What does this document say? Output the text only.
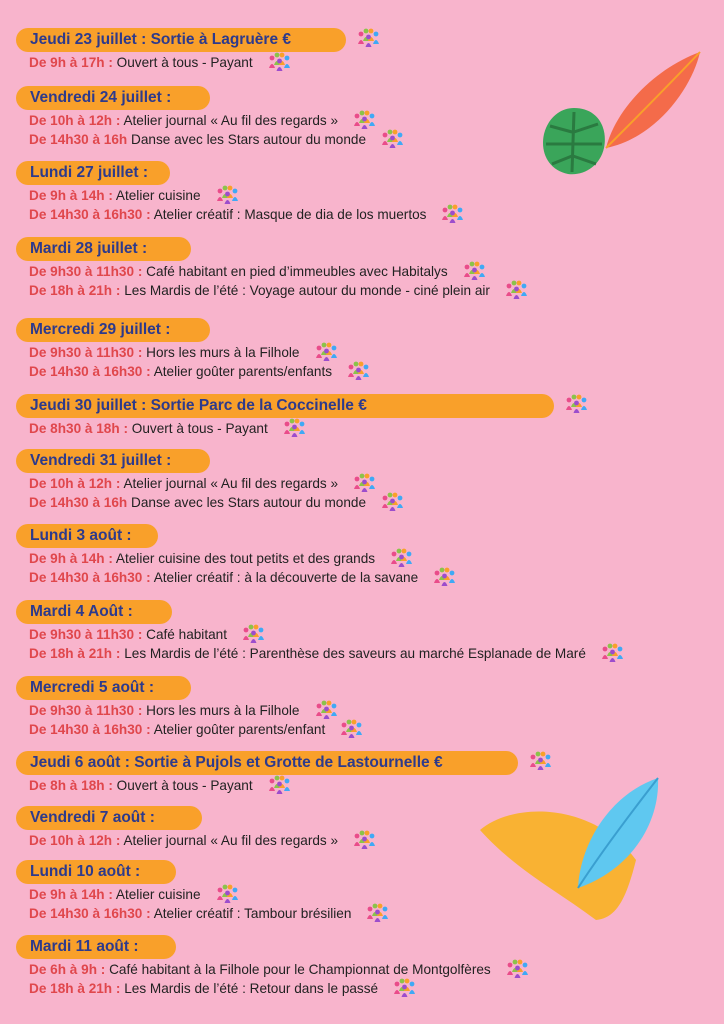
Jeudi 23 juillet : Sortie à Lagruère €
De 9h à 17h : Ouvert à tous - Payant
Vendredi 24 juillet :
De 10h à 12h : Atelier journal « Au fil des regards »
De 14h30 à 16h Danse avec les Stars autour du monde
Lundi 27 juillet :
De 9h à 14h : Atelier cuisine
De 14h30 à 16h30 : Atelier créatif : Masque de dia de los muertos
Mardi 28 juillet :
De 9h30 à 11h30 : Café habitant en pied d’immeubles avec Habitalys
De 18h à 21h : Les Mardis de l’été : Voyage autour du monde - ciné plein air
Mercredi 29 juillet :
De 9h30 à 11h30 : Hors les murs à la Filhole
De 14h30 à 16h30 : Atelier goûter parents/enfants
Jeudi 30 juillet : Sortie Parc de la Coccinelle €
De 8h30 à 18h : Ouvert à tous - Payant
Vendredi 31 juillet :
De 10h à 12h : Atelier journal « Au fil des regards »
De 14h30 à 16h Danse avec les Stars autour du monde
Lundi 3 août :
De 9h à 14h : Atelier cuisine des tout petits et des grands
De 14h30 à 16h30 : Atelier créatif : à la découverte de la savane
Mardi 4 Août :
De 9h30 à 11h30 : Café habitant
De 18h à 21h : Les Mardis de l’été : Parenthèse des saveurs au marché Esplanade de Maré
Mercredi 5 août :
De 9h30 à 11h30 : Hors les murs à la Filhole
De 14h30 à 16h30 : Atelier goûter parents/enfant
Jeudi 6 août : Sortie à Pujols et Grotte de Lastournelle €
De 8h à 18h : Ouvert à tous - Payant
Vendredi 7 août :
De 10h à 12h : Atelier journal « Au fil des regards »
Lundi 10 août :
De 9h à 14h : Atelier cuisine
De 14h30 à 16h30 : Atelier créatif : Tambour brésilien
Mardi 11 août :
De 6h à 9h : Café habitant à la Filhole pour le Championnat de Montgolfères
De 18h à 21h : Les Mardis de l’été : Retour dans le passé
